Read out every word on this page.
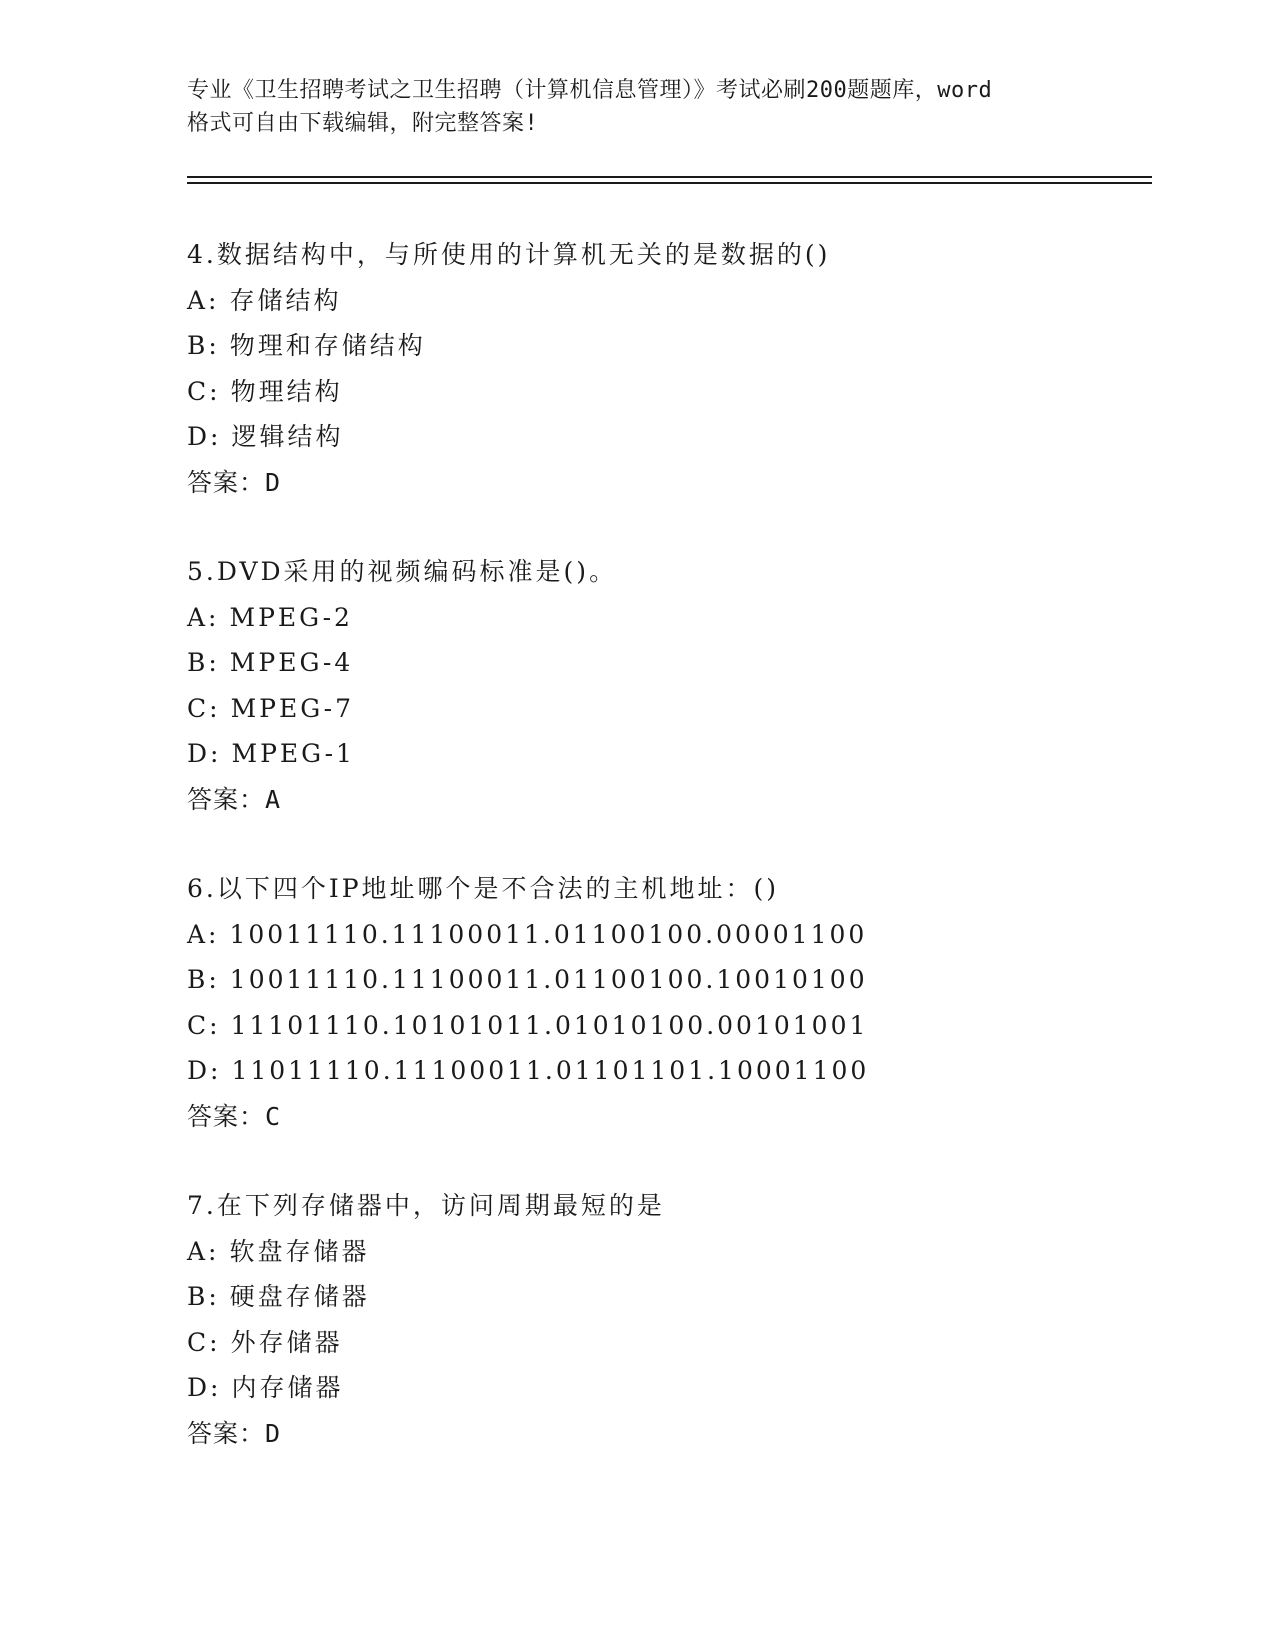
专业《卫生招聘考试之卫生招聘（计算机信息管理）》考试必刷200题题库，word
格式可自由下载编辑，附完整答案!
4.数据结构中，与所使用的计算机无关的是数据的()
A: 存储结构
B: 物理和存储结构
C: 物理结构
D: 逻辑结构
答案：D
5.DVD采用的视频编码标准是()。
A: MPEG-2
B: MPEG-4
C: MPEG-7
D: MPEG-1
答案：A
6.以下四个IP地址哪个是不合法的主机地址：()
A: 10011110.11100011.01100100.00001100
B: 10011110.11100011.01100100.10010100
C: 11101110.10101011.01010100.00101001
D: 11011110.11100011.01101101.10001100
答案：C
7.在下列存储器中，访问周期最短的是
A: 软盘存储器
B: 硬盘存储器
C: 外存储器
D: 内存储器
答案：D
